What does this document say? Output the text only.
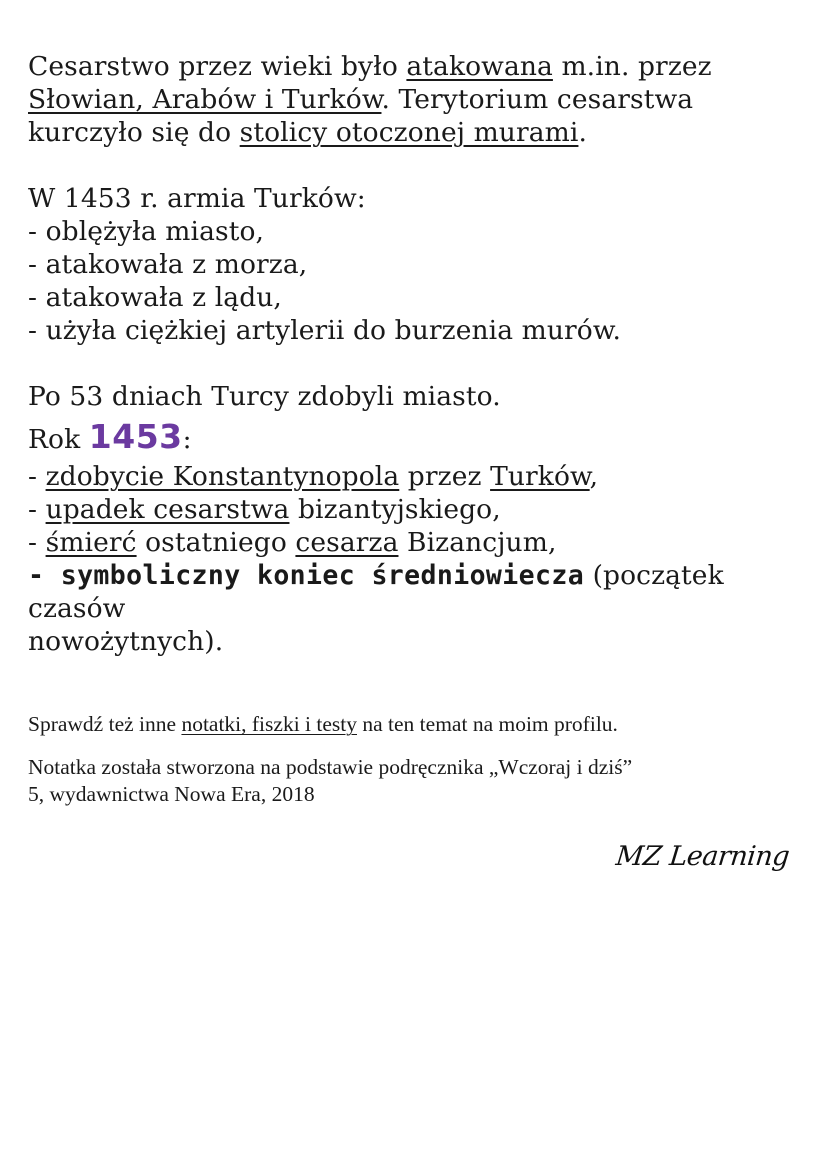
Cesarstwo przez wieki było atakowana m.in. przez
Słowian, Arabów i Turków. Terytorium cesarstwa
kurczyło się do stolicy otoczonej murami.

W 1453 r. armia Turków:

- oblężyła miasto,

- atakowała z morza,

- atakowała z lądu,

- użyła ciężkiej artylerii do burzenia murów.

Po 53 dniach Turcy zdobyli miasto.

Rok 1453:

- zdobycie Konstantynopola przez Turków,

- upadek cesarstwa bizantyjskiego,

- śmierć ostatniego cesarza Bizancjum,

- symboliczny koniec średniowiecza (początek czasów
nowożytnych).

Sprawdź też inne notatki, fiszki i testy na ten temat na moim profilu.

Notatka została stworzona na podstawie podręcznika „Wczoraj i dziś”
5, wydawnictwa Nowa Era, 2018

MZ Learning
